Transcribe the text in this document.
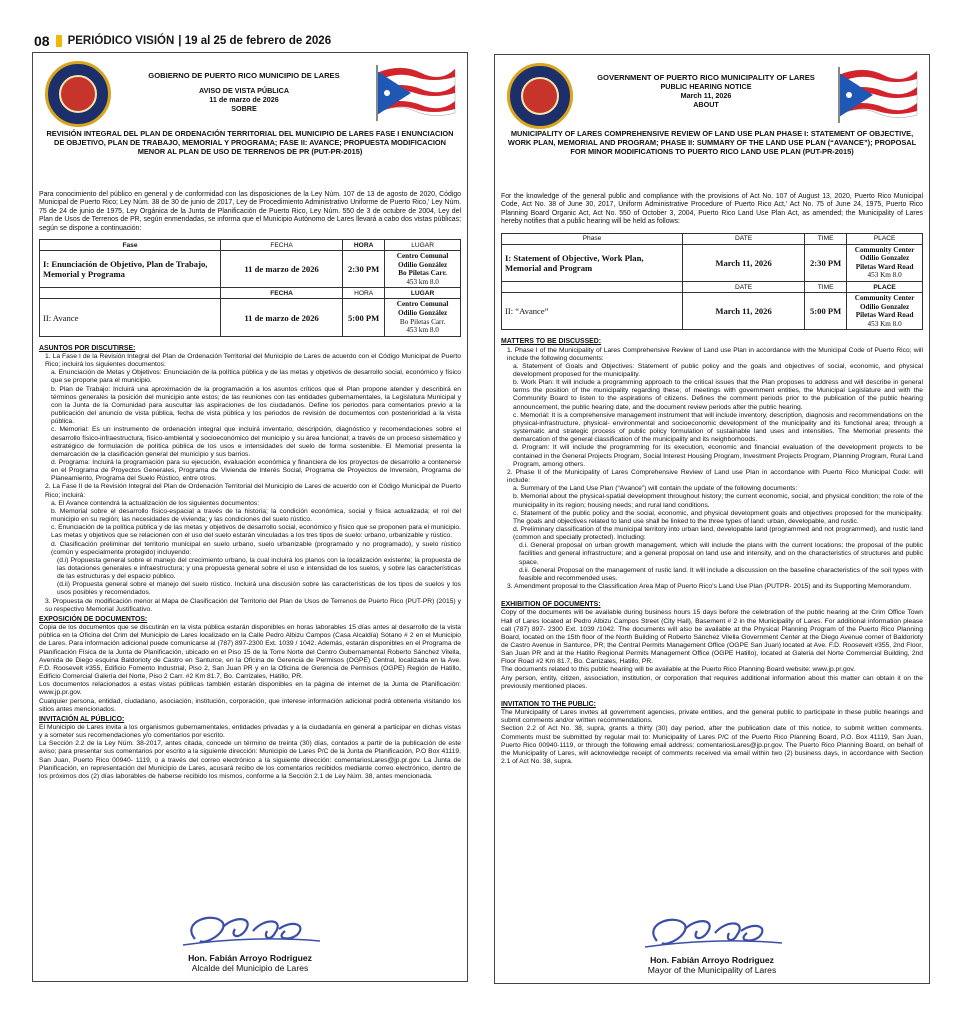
08 PERIÓDICO VISIÓN | 19 al 25 de febrero de 2026
GOBIERNO DE PUERTO RICO MUNICIPIO DE LARES
AVISO DE VISTA PÚBLICA
11 de marzo de 2026
SOBRE
REVISIÓN INTEGRAL DEL PLAN DE ORDENACIÓN TERRITORIAL DEL MUNICIPIO DE LARES FASE I ENUNCIACION DE OBJETIVO, PLAN DE TRABAJO, MEMORIAL Y PROGRAMA; FASE II: AVANCE; PROPUESTA MODIFICACION MENOR AL PLAN DE USO DE TERRENOS DE PR (PUT-PR-2015)

Para conocimiento del público en general y de conformidad con las disposiciones de la Ley Núm. 107 de 13 de agosto de 2020, Código Municipal de Puerto Rico; Ley Núm. 38 de 30 de junio de 2017, Ley de Procedimiento Administrativo Uniforme de Puerto Rico,' Ley Núm. 75 de 24 de junio de 1975, Ley Orgánica de la Junta de Planificación de Puerto Rico, Ley Núm. 550 de 3 de octubre de 2004, Ley del Plan de Usos de Terrenos de PR, según enmendadas, se informa que el Municipio Autónomo de Lares llevará a cabo dos vistas públicas; según se dispone a continuación:

Fase	FECHA	HORA	LUGAR
I: Enunciación de Objetivo, Plan de Trabajo, Memorial y Programa	11 de marzo de 2026	2:30 PM	Centro Comunal
Odilio González
Bo Piletas Carr.
453 km 8.0
	FECHA	HORA	LUGAR
II: Avance	11 de marzo de 2026	5:00 PM	Centro Comunal
Odilio González
Bo Piletas Carr.
453 km 8.0
ASUNTOS POR DISCUTIRSE:

1. La Fase I de la Revisión Integral del Plan de Ordenación Territorial del Municipio de Lares de acuerdo con el Código Municipal de Puerto Rico; incluirá los siguientes documentos:

a. Enunciación de Metas y Objetivos: Enunciación de la política pública y de las metas y objetivos de desarrollo social, económico y físico que se propone para el municipio.

b. Plan de Trabajo: Incluirá una aproximación de la programación a los asuntos críticos que el Plan propone atender y describirá en términos generales la posición del municipio ante estos; de las reuniones con las entidades gubernamentales, la Legislatura Municipal y con la Junta de la Comunidad para auscultar las aspiraciones de los ciudadanos. Define los periodos para comentarios previo a la publicación del anuncio de vista pública, fecha de vista pública y los periodos de revisión de documentos con posterioridad a la vista pública.

c. Memorial: Es un instrumento de ordenación integral que incluirá inventario, descripción, diagnóstico y recomendaciones sobre el desarrollo físico-infraestructura, físico-ambiental y socioeconómico del municipio y su área funcional; a través de un proceso sistemático y estratégico de formulación de política pública de los usos e intensidades del suelo de forma sostenible. El Memorial presenta la demarcación de la clasificación general del municipio y sus barrios.

d. Programa: Incluirá la programación para su ejecución, evaluación económica y financiera de los proyectos de desarrollo a contenerse en el Programa de Proyectos Generales, Programa de Vivienda de Interés Social, Programa de Proyectos de Inversión, Programa de Planeamiento, Programa del Suelo Rústico, entre otros.

2. La Fase II de la Revisión Integral del Plan de Ordenación Territorial del Municipio de Lares de acuerdo con el Código Municipal de Puerto Rico; incluirá:

a. El Avance contendrá la actualización de los siguientes documentos:

b. Memorial sobre el desarrollo físico-espacial a través de la historia; la condición económica, social y física actualizada; el rol del municipio en su región; las necesidades de vivienda; y las condiciones del suelo rústico.

c. Enunciación de la política pública y de las metas y objetivos de desarrollo social, económico y físico que se proponen para el municipio. Las metas y objetivos que se relacionen con el uso del suelo estarán vinculadas a los tres tipos de suelo: urbano, urbanizable y rústico.

d. Clasificación preliminar del territorio municipal en suelo urbano, suelo urbanizable (programado y no programado), y suelo rústico (común y especialmente protegido) incluyendo:

(d.i) Propuesta general sobre el manejo del crecimiento urbano, la cual incluirá los planos con la localización existente; la propuesta de las dotaciones generales e infraestructura; y una propuesta general sobre el uso e intensidad de los suelos, y sobre las características de las estructuras y del espacio público.

(d.ii) Propuesta general sobre el manejo del suelo rústico. Incluirá una discusión sobre las características de los tipos de suelos y los usos posibles y recomendados.

3. Propuesta de modificación menor al Mapa de Clasificación del Territorio del Plan de Usos de Terrenos de Puerto Rico (PUT-PR) (2015) y su respectivo Memorial Justificativo.

EXPOSICIÓN DE DOCUMENTOS:

Copia de los documentos que se discutirán en la vista pública estarán disponibles en horas laborables 15 días antes al desarrollo de la vista pública en la Oficina del Crim del Municipio de Lares localizado en la Calle Pedro Albizu Campos (Casa Alcaldía) Sótano # 2 en el Municipio de Lares. Para información adicional puede comunicarse al (787) 897-2300 Ext. 1039 / 1042. Además, estarán disponibles en el Programa de Planificación Física de la Junta de Planificación, ubicado en el Piso 15 de la Torre Norte del Centro Gubernamental Roberto Sánchez Vilella, Avenida de Diego esquina Baldorioty de Castro en Santurce, en la Oficina de Gerencia de Permisos (OGPE) Central, localizada en la Ave. F.D. Roosevelt #355, Edificio Fomento Industrial, Piso 2, San Juan PR y en la Oficina de Gerencia de Permisos (OGPE) Región de Hatillo, Edificio Comercial Galería del Norte, Piso 2 Carr. #2 Km 81.7, Bo. Carrizales, Hatillo, PR.

Los documentos relacionados a estas vistas públicas también estarán disponibles en la página de internet de la Junta de Planificación: www.jp.pr.gov.

Cualquier persona, entidad, ciudadano, asociación, institución, corporación, que interese información adicional podrá obtenerla visitando los sitios antes mencionados.

INVITACIÓN AL PÚBLICO:

El Municipio de Lares invita a los organismos gubernamentales, entidades privadas y a la ciudadanía en general a participar en dichas vistas y a someter sus recomendaciones y/o comentarios por escrito.

La Sección 2.2 de la Ley Núm. 38-2017, antes citada, concede un término de treinta (30) días, contados a partir de la publicación de este aviso; para presentar sus comentarios por escrito a la siguiente dirección: Municipio de Lares P/C de la Junta de Planificación, P.O Box 41119, San Juan, Puerto Rico 00940- 1119, o a través del correo electrónico a la siguiente dirección: comentariosLares@jp.pr.gov. La Junta de Planificación, en representación del Municipio de Lares, acusará recibo de los comentarios recibidos mediante correo electrónico, dentro de los próximos dos (2) días laborables de haberse recibido los mismos, conforme a la Sección 2.1 de Ley Núm. 38, antes mencionada.

Hon. Fabián Arroyo Rodriguez
Alcalde del Municipio de Lares
GOVERNMENT OF PUERTO RICO MUNICIPALITY OF LARES
PUBLIC HEARING NOTICE
March 11, 2026
ABOUT
MUNICIPALITY OF LARES COMPREHENSIVE REVIEW OF LAND USE PLAN PHASE I: STATEMENT OF OBJECTIVE, WORK PLAN, MEMORIAL AND PROGRAM; PHASE II: SUMMARY OF THE LAND USE PLAN (“AVANCE”); PROPOSAL FOR MINOR MODIFICATIONS TO PUERTO RICO LAND USE PLAN (PUT-PR-2015)

For the knowledge of the general public and compliance with the provisions of Act No. 107 of August 13, 2020, Puerto Rico Municipal Code, Act No. 38 of June 30, 2017, Uniform Administrative Procedure of Puerto Rico Act,' Act No. 75 of June 24, 1975, Puerto Rico Planning Board Organic Act, Act No. 550 of October 3, 2004, Puerto Rico Land Use Plan Act, as amended; the Municipality of Lares hereby notifies that a public hearing will be held as follows:

Phase	DATE	TIME	PLACE
I: Statement of Objective, Work Plan, Memorial and Program	March 11, 2026	2:30 PM	Community Center
Odilio Gonzalez
Piletas Ward Road
453 Km 8.0
	DATE	TIME	PLACE
II: “Avance”	March 11, 2026	5:00 PM	Community Center
Odilio Gonzalez
Piletas Ward Road
453 Km 8.0
MATTERS TO BE DISCUSSED:

1. Phase I of the Municipality of Lares Comprehensive Review of Land use Plan in accordance with the Municipal Code of Puerto Rico; will include the following documents:

a. Statement of Goals and Objectives: Statement of public policy and the goals and objectives of social, economic, and physical development proposed for the municipality.

b. Work Plan: It will include a programming approach to the critical issues that the Plan proposes to address and will describe in general terms the position of the municipality regarding these; of meetings with government entities, the Municipal Legislature and with the Community Board to listen to the aspirations of citizens. Defines the comment periods prior to the publication of the public hearing announcement, the public hearing date, and the document review periods after the public hearing.

c. Memorial: It is a comprehensive management instrument that will include inventory, description, diagnosis and recommendations on the physical-infrastructure, physical- environmental and socioeconomic development of the municipality and its functional area; through a systematic and strategic process of public policy formulation of sustainable land uses and intensities. The Memorial presents the demarcation of the general classification of the municipality and its neighborhoods.

d. Program: It will include the programming for its execution, economic and financial evaluation of the development projects to be contained in the General Projects Program, Social Interest Housing Program, Investment Projects Program, Planning Program, Rural Land Program, among others.

2. Phase II of the Municipality of Lares Comprehensive Review of Land use Plan in accordance with Puerto Rico Municipal Code: will include:

a. Summary of the Land Use Plan (“Avance”) will contain the update of the following documents:

b. Memorial about the physical-spatial development throughout history; the current economic, social, and physical condition; the role of the municipality in its region; housing needs; and rural land conditions.

c. Statement of the public policy and the social, economic, and physical development goals and objectives proposed for the municipality. The goals and objectives related to land use shall be linked to the three types of land: urban, developable, and rustic.

d. Preliminary classification of the municipal territory into urban land, developable land (programmed and not programmed), and rustic land (common and specially protected). Including:

d.i. General proposal on urban growth management, which will include the plans with the current locations; the proposal of the public facilities and general infrastructure; and a general proposal on land use and intensity, and on the characteristics of structures and public space.

d.ii. General Proposal on the management of rustic land. It will include a discussion on the baseline characteristics of the soil types with feasible and recommended uses.

3. Amendment proposal to the Classification Area Map of Puerto Rico's Land Use Plan (PUTPR- 2015) and its Supporting Memorandum.

EXHIBITION OF DOCUMENTS:

Copy of the documents will be available during business hours 15 days before the celebration of the public hearing at the Crim Office Town Hall of Lares located at Pedro Albizu Campos Street (City Hall), Basement # 2 in the Municipality of Lares. For additional information please call (787) 897- 2300 Ext. 1039 /1042. The documents will also be available at the Physical Planning Program of the Puerto Rico Planning Board, located on the 15th floor of the North Building of Roberto Sánchez Vilella Government Center at the Diego Avenue corner of Baldorioty de Castro Avenue in Santurce, PR; the Central Permits Management Office (OGPE San Juan) located at Ave. F.D. Roosevelt #355, 2nd Floor, San Juan PR and at the Hatillo Regional Permits Management Office (OGPE Hatillo), located at Galeria del Norte Commercial Building, 2nd Floor Road #2 Km 81.7, Bo. Carrizales, Hatillo, PR.

The documents related to this public hearing will be available at the Puerto Rico Planning Board website: www.jp.pr.gov.

Any person, entity, citizen, association, institution, or corporation that requires additional information about this matter can obtain it on the previously mentioned places.

INVITATION TO THE PUBLIC:

The Municipality of Lares invites all government agencies, private entities, and the general public to participate in these public hearings and submit comments and/or written recommendations.

Section 2.2 of Act No. 38, supra, grants a thirty (30) day period, after the publication date of this notice, to submit written comments. Comments must be submitted by regular mail to: Municipality of Lares P/C of the Puerto Rico Planning Board, P.O. Box 41119, San Juan, Puerto Rico 00940-1119, or through the following email address: comentariosLares@jp.pr.gov. The Puerto Rico Planning Board, on behalf of the Municipality of Lares, will acknowledge receipt of comments received via email within two (2) business days, in accordance with Section 2.1 of Act No. 38, supra.

Hon. Fabián Arroyo Rodriguez
Mayor of the Municipality of Lares
